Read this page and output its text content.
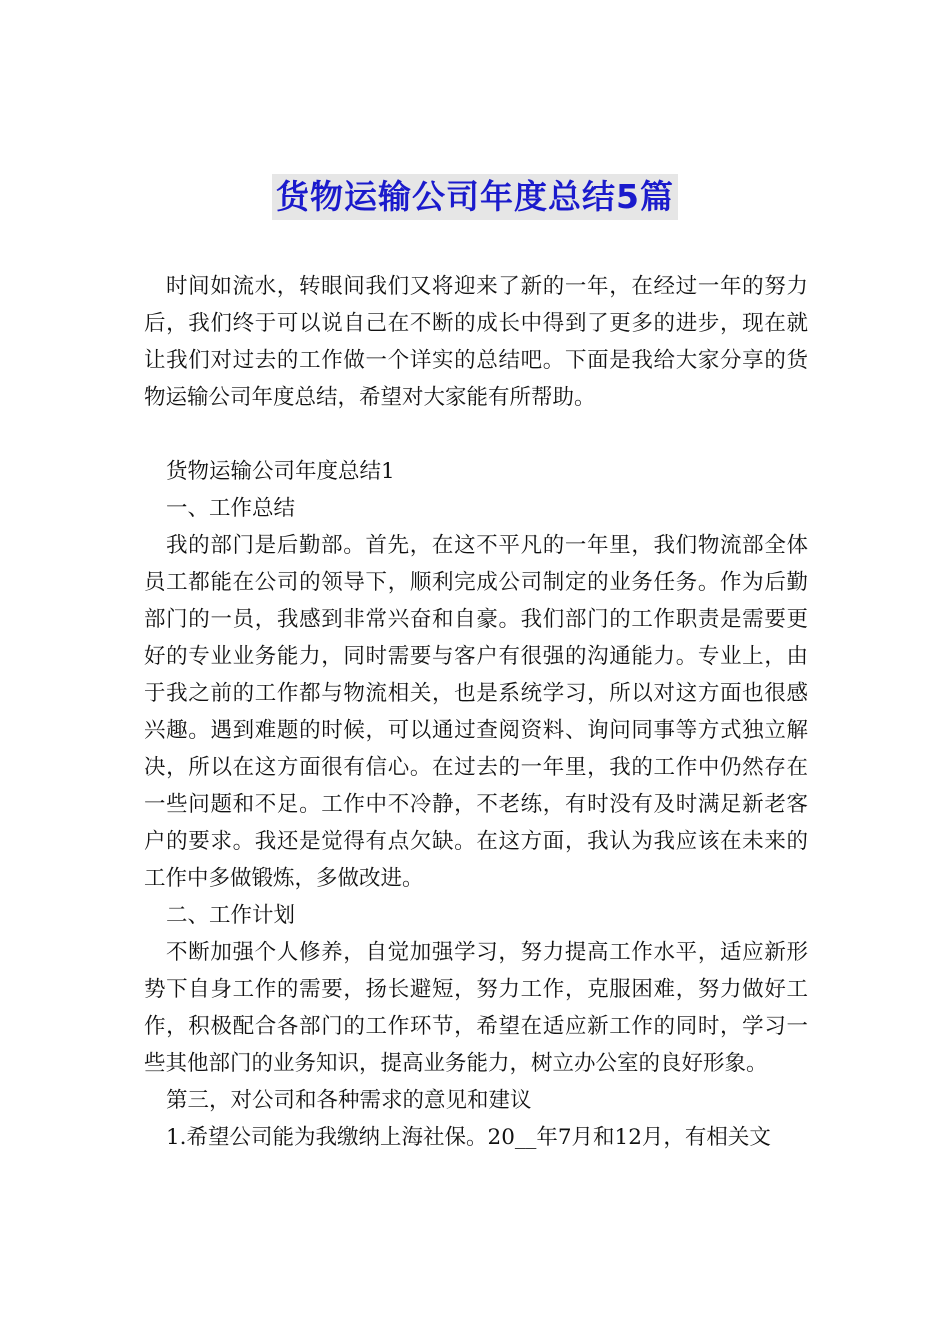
货物运输公司年度总结5篇

时间如流水，转眼间我们又将迎来了新的一年，在经过一年的努力后，我们终于可以说自己在不断的成长中得到了更多的进步，现在就让我们对过去的工作做一个详实的总结吧。下面是我给大家分享的货物运输公司年度总结，希望对大家能有所帮助。

货物运输公司年度总结1

一、工作总结

我的部门是后勤部。首先，在这不平凡的一年里，我们物流部全体员工都能在公司的领导下，顺利完成公司制定的业务任务。作为后勤部门的一员，我感到非常兴奋和自豪。我们部门的工作职责是需要更好的专业业务能力，同时需要与客户有很强的沟通能力。专业上，由于我之前的工作都与物流相关，也是系统学习，所以对这方面也很感兴趣。遇到难题的时候，可以通过查阅资料、询问同事等方式独立解决，所以在这方面很有信心。在过去的一年里，我的工作中仍然存在一些问题和不足。工作中不冷静，不老练，有时没有及时满足新老客户的要求。我还是觉得有点欠缺。在这方面，我认为我应该在未来的工作中多做锻炼，多做改进。

二、工作计划

不断加强个人修养，自觉加强学习，努力提高工作水平，适应新形势下自身工作的需要，扬长避短，努力工作，克服困难，努力做好工作，积极配合各部门的工作环节，希望在适应新工作的同时，学习一些其他部门的业务知识，提高业务能力，树立办公室的良好形象。

第三，对公司和各种需求的意见和建议

1.希望公司能为我缴纳上海社保。20__年7月和12月，有相关文
